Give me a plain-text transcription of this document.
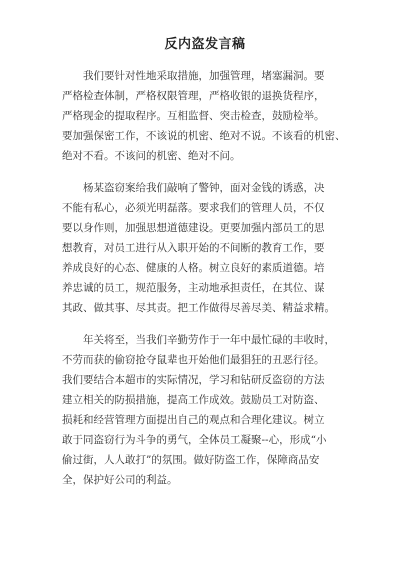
反内盗发言稿
　　我们要针对性地采取措施，加强管理，堵塞漏洞。要
严格检查体制，严格权限管理，严格收银的退换货程序，
严格现金的提取程序。互相监督、突击检查，鼓励检举。
要加强保密工作，不该说的机密、绝对不说。不该看的机密、
绝对不看。不该问的机密、绝对不问。
　　杨某盗窃案给我们敲响了警钟，面对金钱的诱惑，决
不能有私心，必须光明磊落。要求我们的管理人员，不仅
要以身作则，加强思想道德建设。更要加强内部员工的思
想教育，对员工进行从入职开始的不间断的教育工作，要
养成良好的心态、健康的人格。树立良好的素质道德。培
养忠诚的员工，规范服务，主动地承担责任，在其位、谋
其政、做其事、尽其责。把工作做得尽善尽美、精益求精。
　　年关将至，当我们辛勤劳作于一年中最忙碌的丰收时，
不劳而获的偷窃抢夺鼠辈也开始他们最猖狂的丑恶行径。
我们要结合本超市的实际情况，学习和钻研反盗窃的方法
建立相关的防损措施，提高工作成效。鼓励员工对防盗、
损耗和经营管理方面提出自己的观点和合理化建议。树立
敢于同盗窃行为斗争的勇气，全体员工凝聚--心，形成“小
偷过街，人人敢打”的氛围。做好防盗工作，保障商品安
全，保护好公司的利益。
